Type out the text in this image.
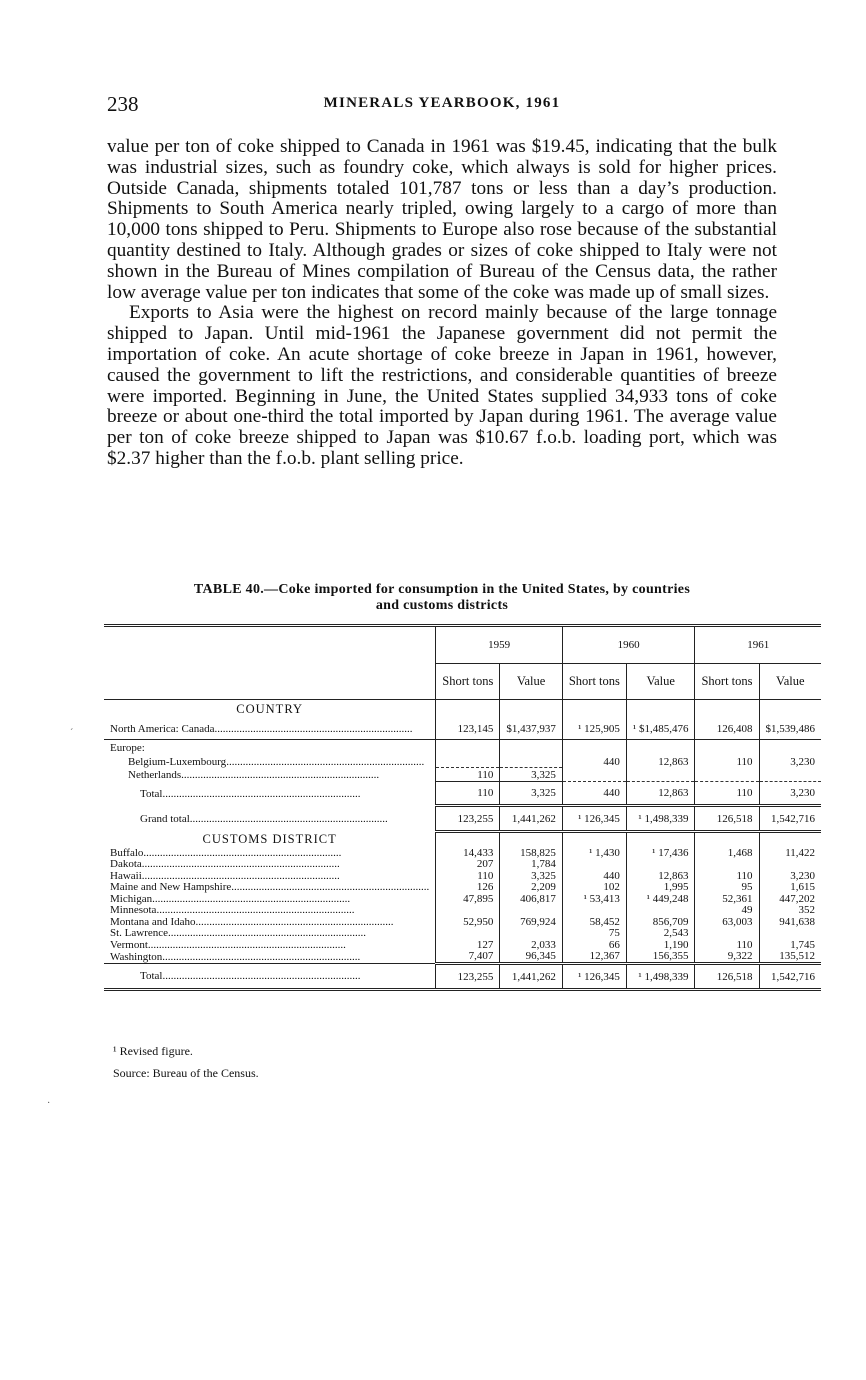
238	MINERALS YEARBOOK, 1961

value per ton of coke shipped to Canada in 1961 was $19.45, indicating that the bulk was industrial sizes, such as foundry coke, which always is sold for higher prices. Outside Canada, shipments totaled 101,787 tons or less than a day’s production. Shipments to South America nearly tripled, owing largely to a cargo of more than 10,000 tons shipped to Peru. Shipments to Europe also rose because of the substantial quantity destined to Italy. Although grades or sizes of coke shipped to Italy were not shown in the Bureau of Mines compilation of Bureau of the Census data, the rather low average value per ton indicates that some of the coke was made up of small sizes.

Exports to Asia were the highest on record mainly because of the large tonnage shipped to Japan. Until mid-1961 the Japanese government did not permit the importation of coke. An acute shortage of coke breeze in Japan in 1961, however, caused the government to lift the restrictions, and considerable quantities of breeze were imported. Beginning in June, the United States supplied 34,933 tons of coke breeze or about one-third the total imported by Japan during 1961. The average value per ton of coke breeze shipped to Japan was $10.67 f.o.b. loading port, which was $2.37 higher than the f.o.b. plant selling price.

TABLE 40.—Coke imported for consumption in the United States, by countries
and customs districts
	1959		1960		1961	
	Short tons	Value	Short tons	Value	Short tons	Value
COUNTRY						

North America: Canada .....	123,145	$1,437,937	¹ 125,905	¹ $1,485,476	126,408	$1,539,486
Europe:						

Belgium-Luxembourg .....			440	12,863	110	3,230

Netherlands .....	110	3,325				

Total .....	110	3,325	440	12,863	110	3,230

Grand total .....	123,255	1,441,262	¹ 126,345	¹ 1,498,339	126,518	1,542,716
CUSTOMS DISTRICT						

Buffalo .....	14,433	158,825	¹ 1,430	¹ 17,436	1,468	11,422

Dakota .....	207	1,784				

Hawaii .....	110	3,325	440	12,863	110	3,230

Maine and New Hampshire .....	126	2,209	102	1,995	95	1,615

Michigan .....	47,895	406,817	¹ 53,413	¹ 449,248	52,361	447,202

Minnesota .....					49	352

Montana and Idaho .....	52,950	769,924	58,452	856,709	63,003	941,638

St. Lawrence .....			75	2,543		

Vermont .....	127	2,033	66	1,190	110	1,745

Washington .....	7,407	96,345	12,367	156,355	9,322	135,512

Total .....	123,255	1,441,262	¹ 126,345	¹ 1,498,339	126,518	1,542,716
¹ Revised figure.
Source: Bureau of the Census.
´
·
